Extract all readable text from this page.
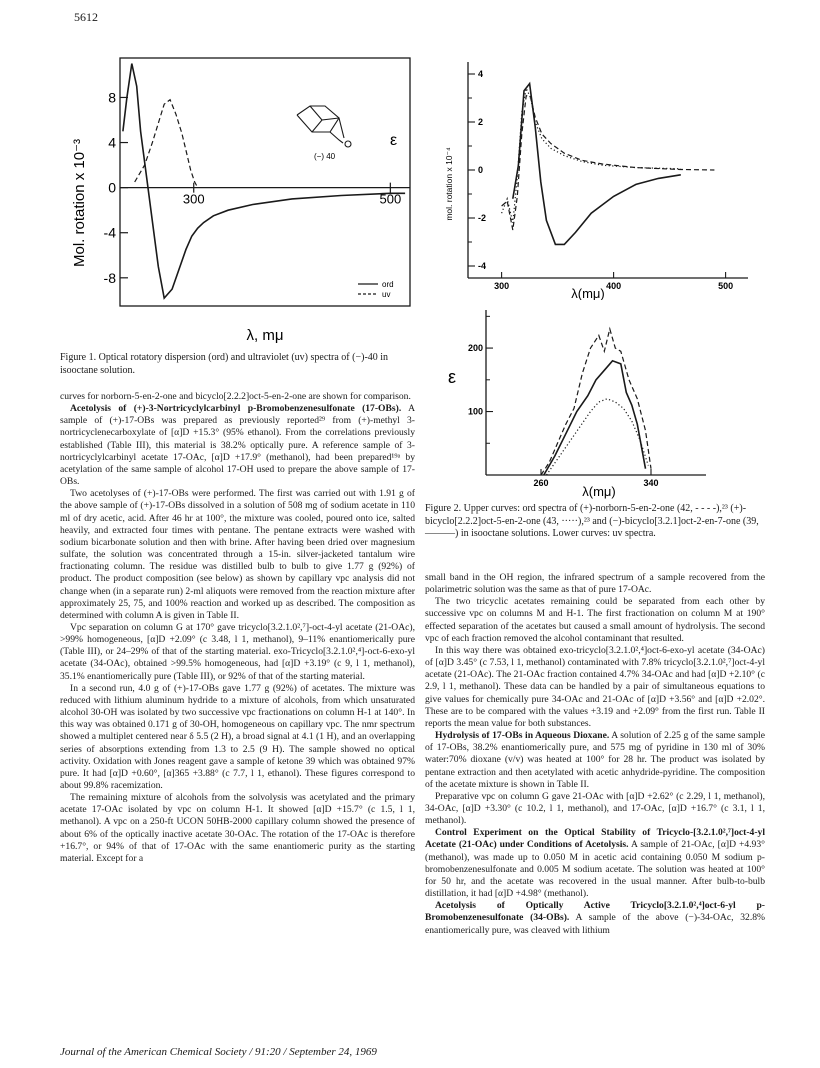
5612
Mol. rotation x 10⁻³
8
4
0
-4
-8
300	500
(−) 40
ε
ord
uv
λ, mμ
Figure 1. Optical rotatory dispersion (ord) and ultraviolet (uv) spectra of (−)-40 in isooctane solution.
mol. rotation x 10⁻⁴
4
2
0
-2
-4
300	400	500
λ(mμ)
ε
200
100
260	340
λ(mμ)
Figure 2. Upper curves: ord spectra of (+)-norborn-5-en-2-one (42, - - - -),²³ (+)-bicyclo[2.2.2]oct-5-en-2-one (43, ·····),²³ and (−)-bicyclo[3.2.1]oct-2-en-7-one (39, ———) in isooctane solutions. Lower curves: uv spectra.

curves for norborn-5-en-2-one and bicyclo[2.2.2]oct-5-en-2-one are shown for comparison.

Acetolysis of (+)-3-Nortricyclylcarbinyl p-Bromobenzenesulfonate (17-OBs). A sample of (+)-17-OBs was prepared as previously reported²⁹ from (+)-methyl 3-nortricyclenecarboxylate of [α]D +15.3° (95% ethanol). From the correlations previously established (Table III), this material is 38.2% optically pure. A reference sample of 3-nortricyclylcarbinyl acetate 17-OAc, [α]D +17.9° (methanol), had been prepared¹⁹ᵃ by acetylation of the same sample of alcohol 17-OH used to prepare the above sample of 17-OBs.

Two acetolyses of (+)-17-OBs were performed. The first was carried out with 1.91 g of the above sample of (+)-17-OBs dissolved in a solution of 508 mg of sodium acetate in 110 ml of dry acetic, acid. After 46 hr at 100°, the mixture was cooled, poured onto ice, salted heavily, and extracted four times with pentane. The pentane extracts were washed with sodium bicarbonate solution and then with brine. After having been dried over magnesium sulfate, the solution was concentrated through a 15-in. silver-jacketed tantalum wire fractionating column. The residue was distilled bulb to bulb to give 1.77 g (92%) of product. The product composition (see below) as shown by capillary vpc analysis did not change when (in a separate run) 2-ml aliquots were removed from the reaction mixture after approximately 25, 75, and 100% reaction and worked up as described. The composition as determined with column A is given in Table II.

Vpc separation on column G at 170° gave tricyclo[3.2.1.0²,⁷]-oct-4-yl acetate (21-OAc), >99% homogeneous, [α]D +2.09° (c 3.48, l 1, methanol), 9–11% enantiomerically pure (Table III), or 24–29% of that of the starting material. exo-Tricyclo[3.2.1.0²,⁴]-oct-6-exo-yl acetate (34-OAc), obtained >99.5% homogeneous, had [α]D +3.19° (c 9, l 1, methanol), 35.1% enantiomerically pure (Table III), or 92% of that of the starting material.

In a second run, 4.0 g of (+)-17-OBs gave 1.77 g (92%) of acetates. The mixture was reduced with lithium aluminum hydride to a mixture of alcohols, from which unsaturated alcohol 30-OH was isolated by two successive vpc fractionations on column H-1 at 140°. In this way was obtained 0.171 g of 30-OH, homogeneous on capillary vpc. The nmr spectrum showed a multiplet centered near δ 5.5 (2 H), a broad signal at 4.1 (1 H), and an overlapping series of absorptions extending from 1.3 to 2.5 (9 H). The sample showed no optical activity. Oxidation with Jones reagent gave a sample of ketone 39 which was obtained 97% pure. It had [α]D +0.60°, [α]365 +3.88° (c 7.7, l 1, ethanol). These figures correspond to about 99.8% racemization.

The remaining mixture of alcohols from the solvolysis was acetylated and the primary acetate 17-OAc isolated by vpc on column H-1. It showed [α]D +15.7° (c 1.5, l 1, methanol). A vpc on a 250-ft UCON 50HB-2000 capillary column showed the presence of about 6% of the optically inactive acetate 30-OAc. The rotation of the 17-OAc is therefore +16.7°, or 94% of that of 17-OAc with the same enantiomeric purity as the starting material. Except for a

small band in the OH region, the infrared spectrum of a sample recovered from the polarimetric solution was the same as that of pure 17-OAc.

The two tricyclic acetates remaining could be separated from each other by successive vpc on columns M and H-1. The first fractionation on column M at 190° effected separation of the acetates but caused a small amount of hydrolysis. The second vpc of each fraction removed the alcohol contaminant that resulted.

In this way there was obtained exo-tricyclo[3.2.1.0²,⁴]oct-6-exo-yl acetate (34-OAc) of [α]D 3.45° (c 7.53, l 1, methanol) contaminated with 7.8% tricyclo[3.2.1.0²,⁷]oct-4-yl acetate (21-OAc). The 21-OAc fraction contained 4.7% 34-OAc and had [α]D +2.10° (c 2.9, l 1, methanol). These data can be handled by a pair of simultaneous equations to give values for chemically pure 34-OAc and 21-OAc of [α]D +3.56° and [α]D +2.02°. These are to be compared with the values +3.19 and +2.09° from the first run. Table II reports the mean value for both substances.

Hydrolysis of 17-OBs in Aqueous Dioxane. A solution of 2.25 g of the same sample of 17-OBs, 38.2% enantiomerically pure, and 575 mg of pyridine in 130 ml of 30% water:70% dioxane (v/v) was heated at 100° for 28 hr. The product was isolated by pentane extraction and then acetylated with acetic anhydride-pyridine. The composition of the acetate mixture is shown in Table II.

Preparative vpc on column G gave 21-OAc with [α]D +2.62° (c 2.29, l 1, methanol), 34-OAc, [α]D +3.30° (c 10.2, l 1, methanol), and 17-OAc, [α]D +16.7° (c 3.1, l 1, methanol).

Control Experiment on the Optical Stability of Tricyclo-[3.2.1.0²,⁷]oct-4-yl Acetate (21-OAc) under Conditions of Acetolysis. A sample of 21-OAc, [α]D +4.93° (methanol), was made up to 0.050 M in acetic acid containing 0.050 M sodium p-bromobenzenesulfonate and 0.005 M sodium acetate. The solution was heated at 100° for 50 hr, and the acetate was recovered in the usual manner. After bulb-to-bulb distillation, it had [α]D +4.98° (methanol).

Acetolysis of Optically Active Tricyclo[3.2.1.0²,⁴]oct-6-yl p-Bromobenzenesulfonate (34-OBs). A sample of the above (−)-34-OAc, 32.8% enantiomerically pure, was cleaved with lithium

Journal of the American Chemical Society / 91:20 / September 24, 1969
